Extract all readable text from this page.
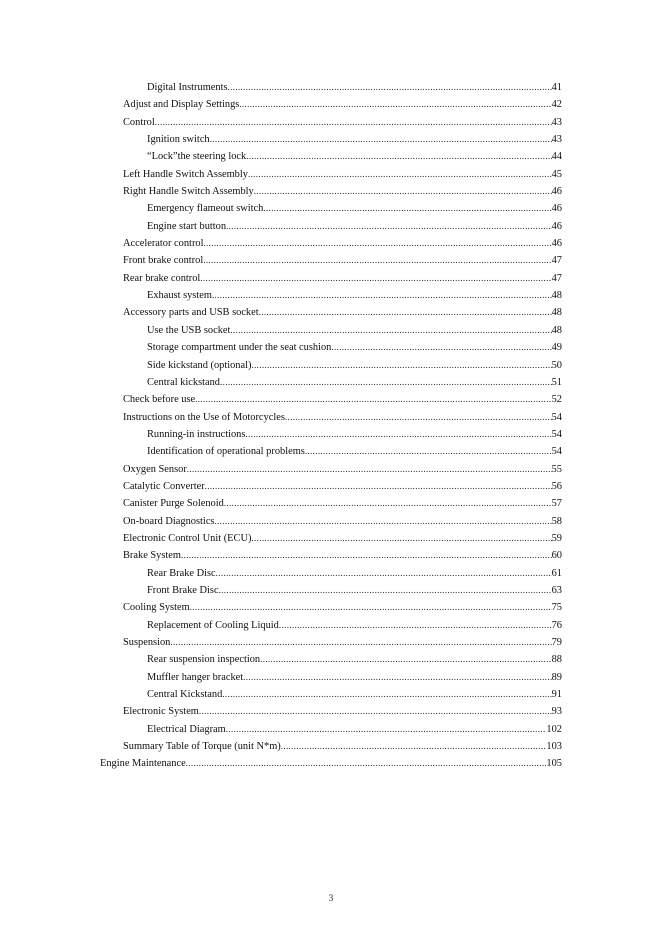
Digital Instruments .....	41
Adjust and Display Settings .....	42
Control .....	43
Ignition switch .....	43
“Lock”the steering lock .....	44
Left Handle Switch Assembly .....	45
Right Handle Switch Assembly .....	46
Emergency flameout switch .....	46
Engine start button .....	46
Accelerator control .....	46
Front brake control .....	47
Rear brake control .....	47
Exhaust system .....	48
Accessory parts and USB socket .....	48
Use the USB socket .....	48
Storage compartment under the seat cushion .....	49
Side kickstand (optional) .....	50
Central kickstand .....	51
Check before use .....	52
Instructions on the Use of Motorcycles .....	54
Running-in instructions .....	54
Identification of operational problems .....	54
Oxygen Sensor .....	55
Catalytic Converter .....	56
Canister Purge Solenoid .....	57
On-board Diagnostics .....	58
Electronic Control Unit (ECU) .....	59
Brake System .....	60
Rear Brake Disc .....	61
Front Brake Disc .....	63
Cooling System .....	75
Replacement of Cooling Liquid .....	76
Suspension .....	79
Rear suspension inspection .....	88
Muffler hanger bracket .....	89
Central Kickstand .....	91
Electronic System .....	93
Electrical Diagram .....	102
Summary Table of Torque (unit N*m) .....	103
Engine Maintenance .....	105
3
